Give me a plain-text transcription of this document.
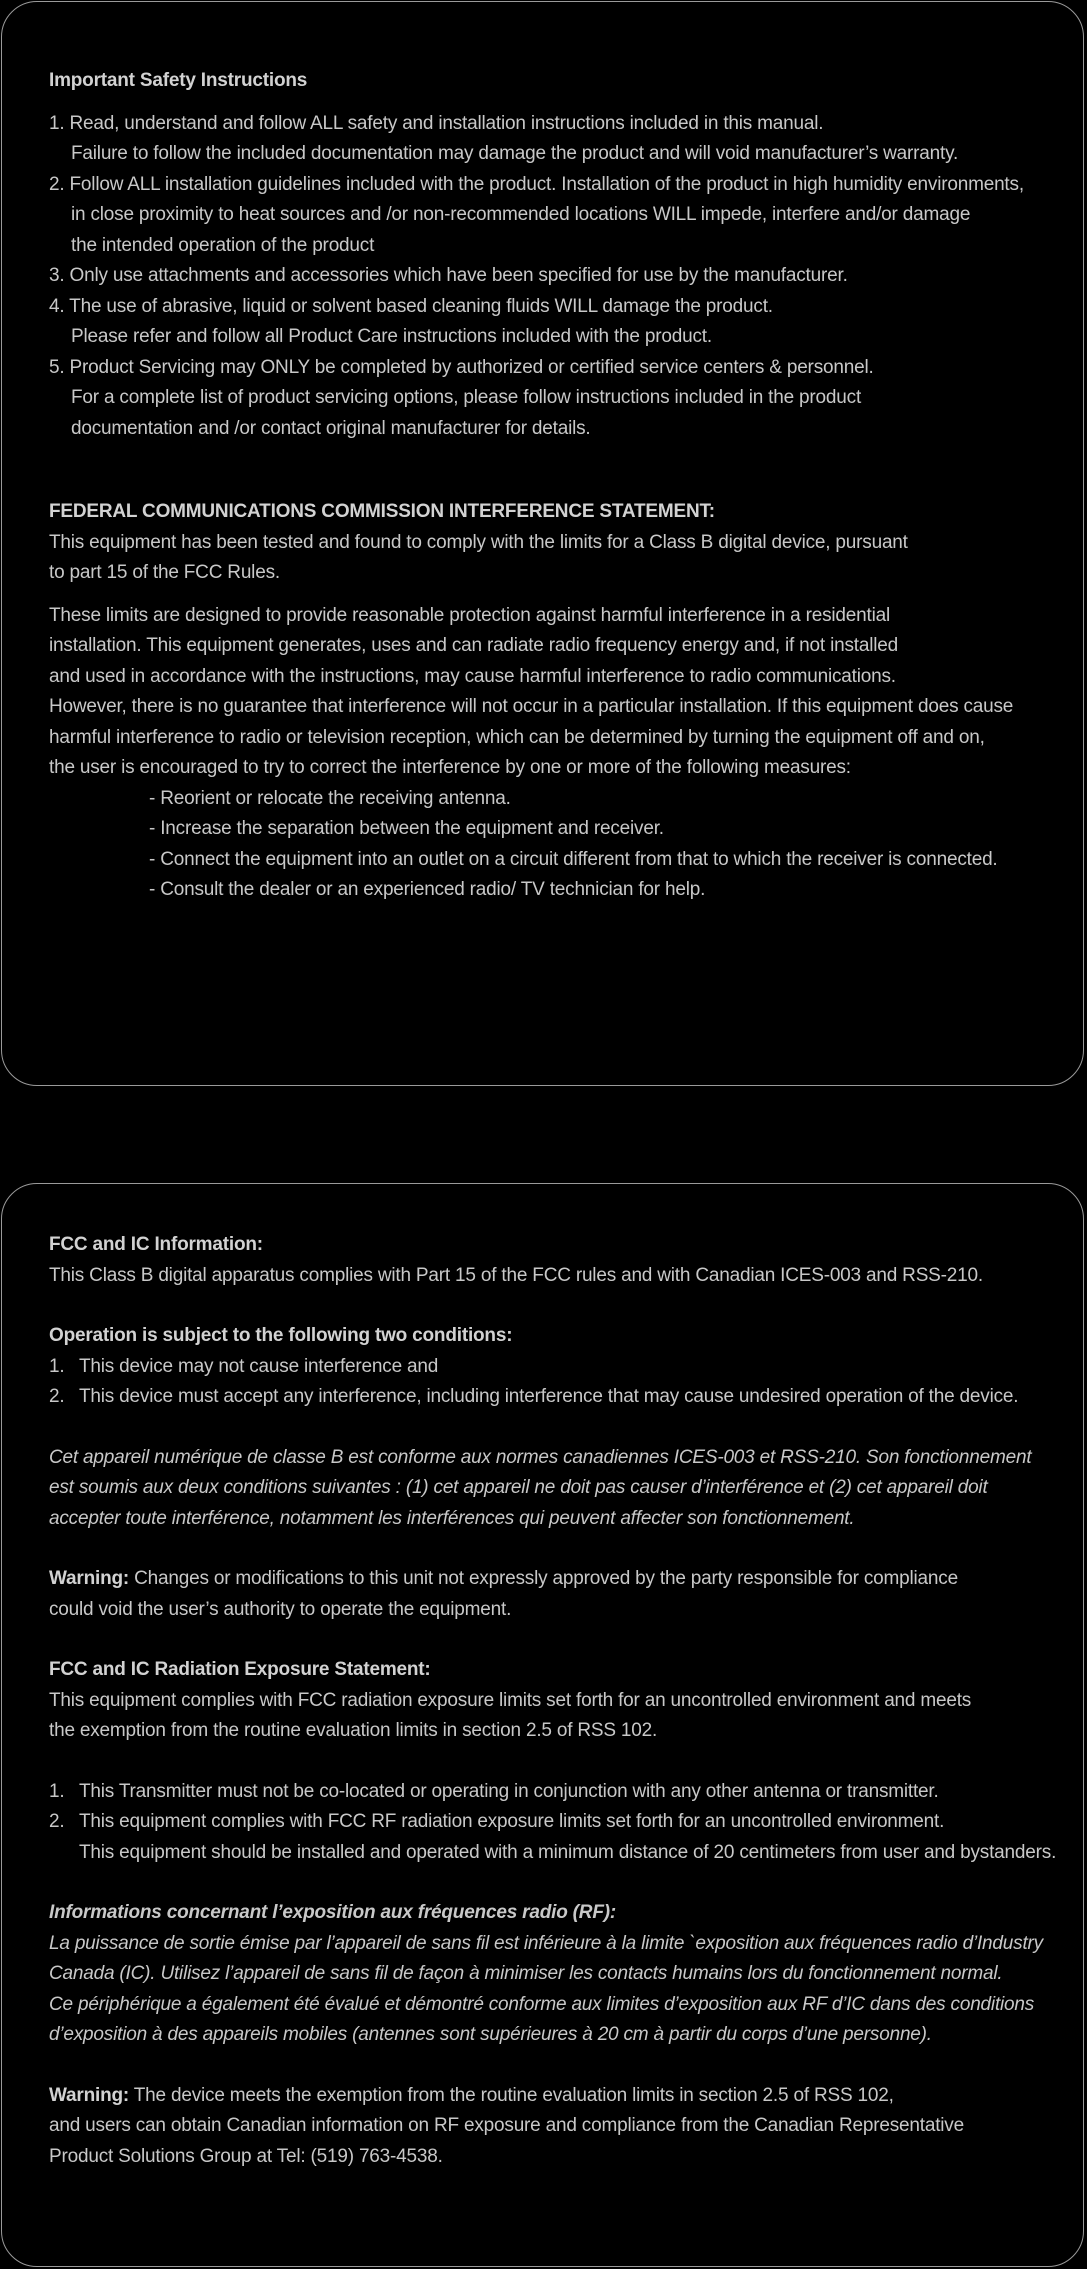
Important Safety Instructions
1. Read, understand and follow ALL safety and installation instructions included in this manual.
Failure to follow the included documentation may damage the product and will void manufacturer’s warranty.
2. Follow ALL installation guidelines included with the product. Installation of the product in high humidity environments,
in close proximity to heat sources and /or non-recommended locations WILL impede, interfere and/or damage
the intended operation of the product
3. Only use attachments and accessories which have been specified for use by the manufacturer.
4. The use of abrasive, liquid or solvent based cleaning fluids WILL damage the product.
Please refer and follow all Product Care instructions included with the product.
5. Product Servicing may ONLY be completed by authorized or certified service centers & personnel.
For a complete list of product servicing options, please follow instructions included in the product
documentation and /or contact original manufacturer for details.
FEDERAL COMMUNICATIONS COMMISSION INTERFERENCE STATEMENT:
This equipment has been tested and found to comply with the limits for a Class B digital device, pursuant
to part 15 of the FCC Rules.
These limits are designed to provide reasonable protection against harmful interference in a residential
installation. This equipment generates, uses and can radiate radio frequency energy and, if not installed
and used in accordance with the instructions, may cause harmful interference to radio communications.
However, there is no guarantee that interference will not occur in a particular installation. If this equipment does cause
harmful interference to radio or television reception, which can be determined by turning the equipment off and on,
the user is encouraged to try to correct the interference by one or more of the following measures:
- Reorient or relocate the receiving antenna.
- Increase the separation between the equipment and receiver.
- Connect the equipment into an outlet on a circuit different from that to which the receiver is connected.
- Consult the dealer or an experienced radio/ TV technician for help.
FCC and IC Information:
This Class B digital apparatus complies with Part 15 of the FCC rules and with Canadian ICES-003 and RSS-210.
Operation is subject to the following two conditions:
1. This device may not cause interference and
2. This device must accept any interference, including interference that may cause undesired operation of the device.
Cet appareil numérique de classe B est conforme aux normes canadiennes ICES-003 et RSS-210. Son fonctionnement
est soumis aux deux conditions suivantes : (1) cet appareil ne doit pas causer d’interférence et (2) cet appareil doit
accepter toute interférence, notamment les interférences qui peuvent affecter son fonctionnement.
Warning: Changes or modifications to this unit not expressly approved by the party responsible for compliance
could void the user’s authority to operate the equipment.
FCC and IC Radiation Exposure Statement:
This equipment complies with FCC radiation exposure limits set forth for an uncontrolled environment and meets
the exemption from the routine evaluation limits in section 2.5 of RSS 102.
1. This Transmitter must not be co-located or operating in conjunction with any other antenna or transmitter.
2. This equipment complies with FCC RF radiation exposure limits set forth for an uncontrolled environment.
This equipment should be installed and operated with a minimum distance of 20 centimeters from user and bystanders.
Informations concernant l’exposition aux fréquences radio (RF):
La puissance de sortie émise par l’appareil de sans fil est inférieure à la limite `exposition aux fréquences radio d’Industry
Canada (IC). Utilisez l’appareil de sans fil de façon à minimiser les contacts humains lors du fonctionnement normal.
Ce périphérique a également été évalué et démontré conforme aux limites d’exposition aux RF d’IC dans des conditions
d’exposition à des appareils mobiles (antennes sont supérieures à 20 cm à partir du corps d’une personne).
Warning: The device meets the exemption from the routine evaluation limits in section 2.5 of RSS 102,
and users can obtain Canadian information on RF exposure and compliance from the Canadian Representative
Product Solutions Group at Tel: (519) 763-4538.
